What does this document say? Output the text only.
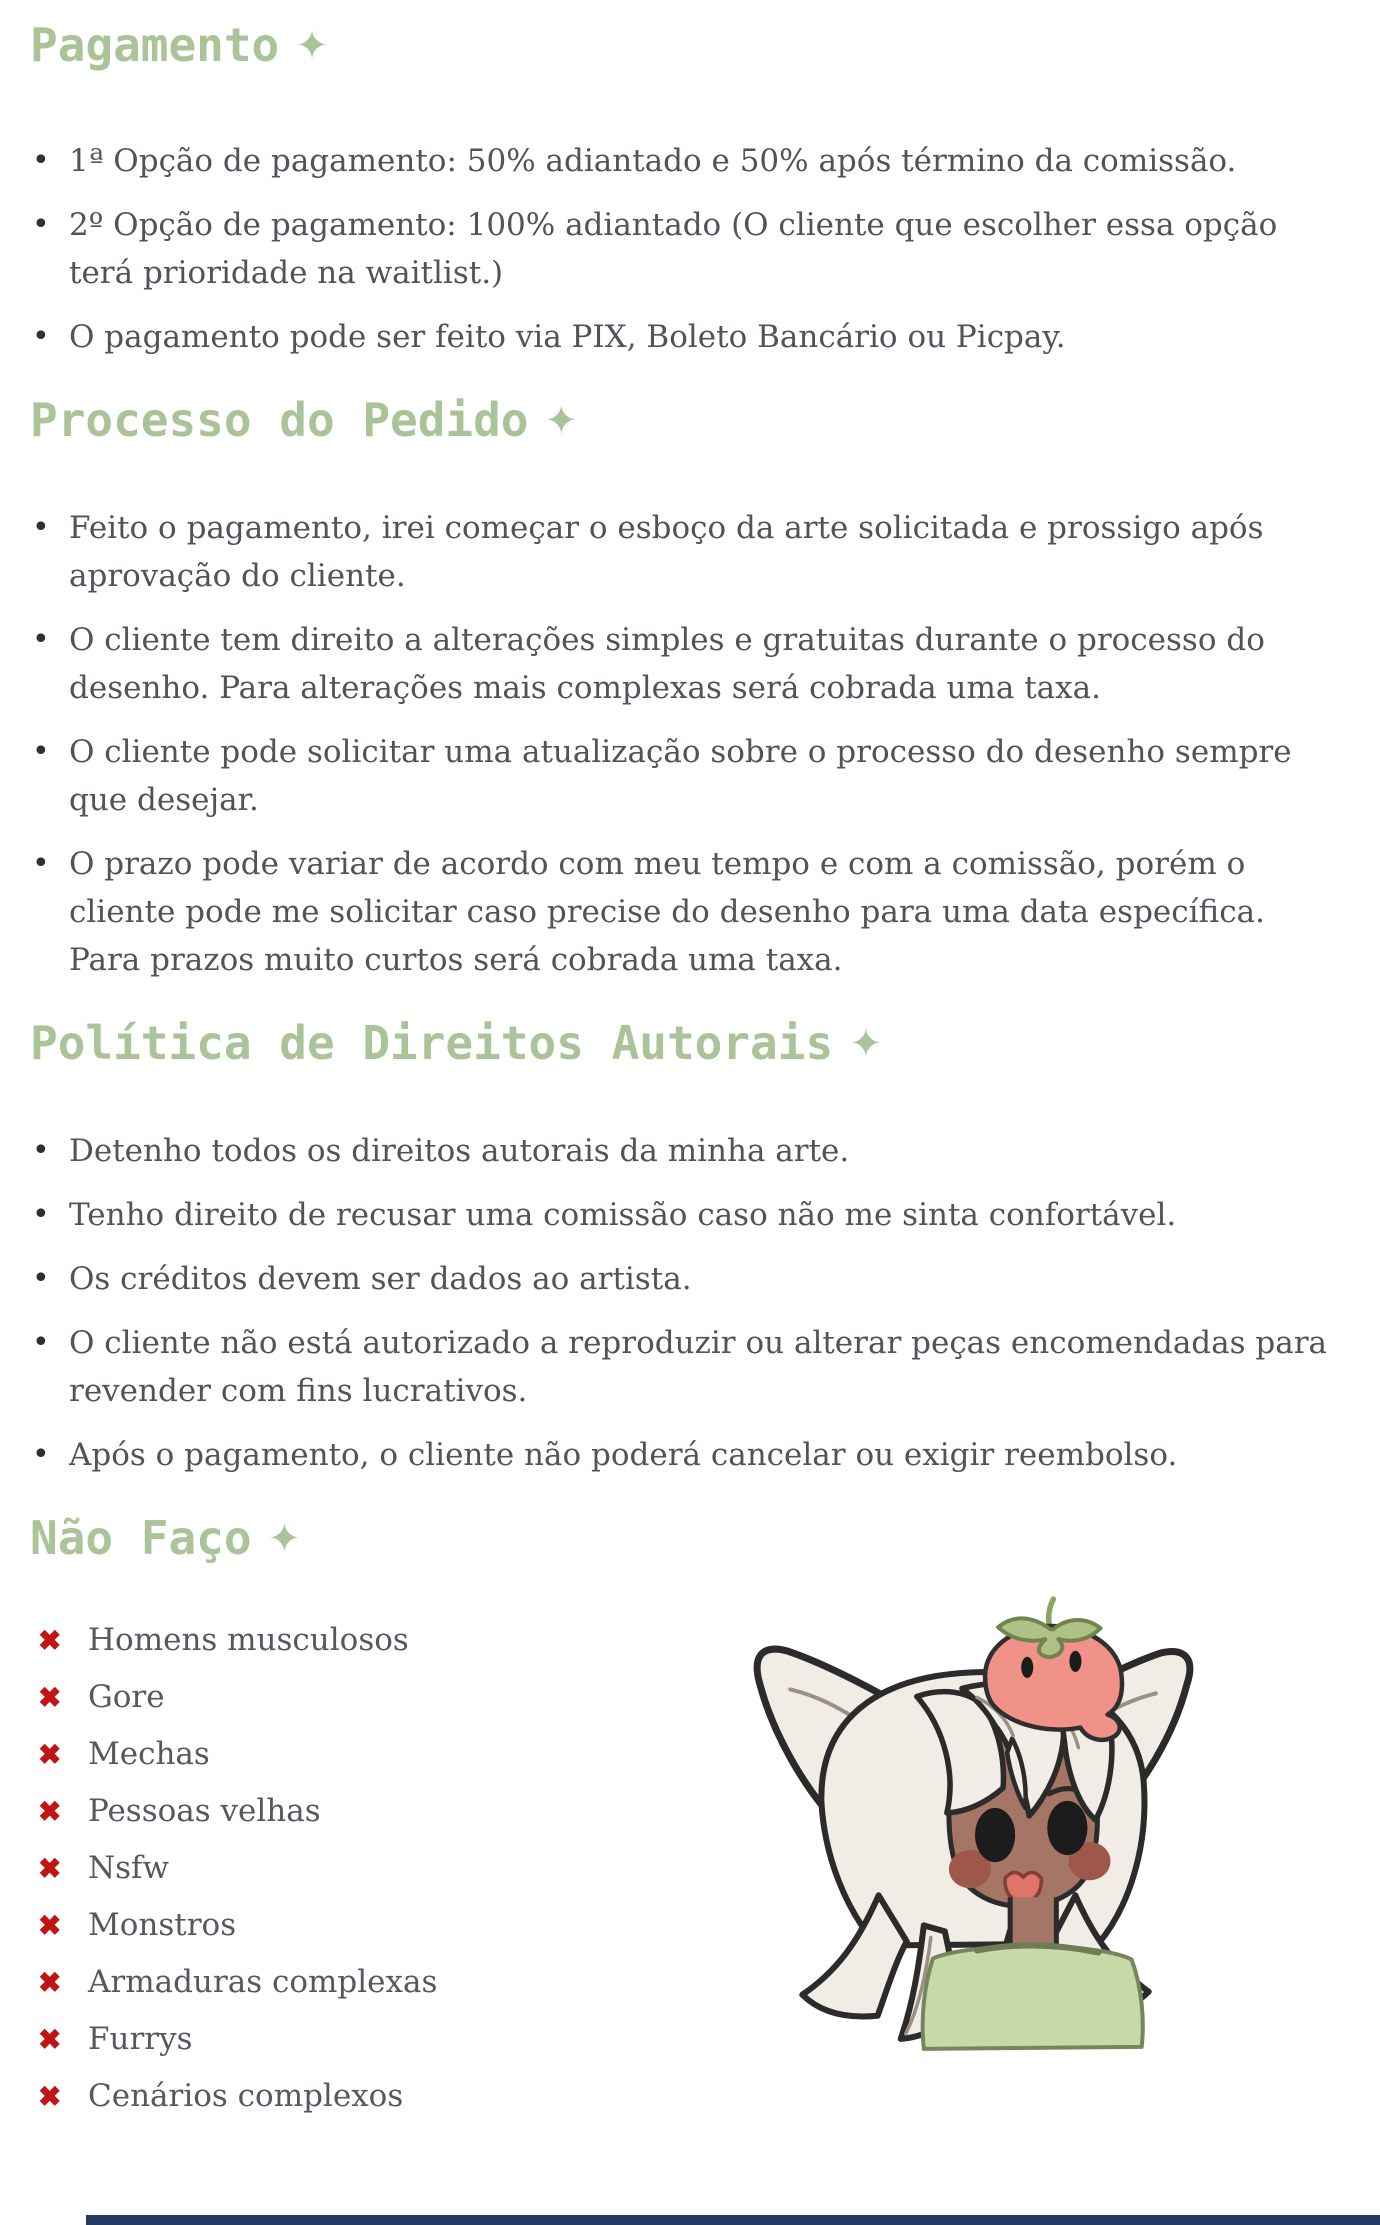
Pagamento ✦
• 1ª Opção de pagamento: 50% adiantado e 50% após término da comissão.
• 2º Opção de pagamento: 100% adiantado (O cliente que escolher essa opção terá prioridade na waitlist.)
• O pagamento pode ser feito via PIX, Boleto Bancário ou Picpay.
Processo do Pedido ✦
• Feito o pagamento, irei começar o esboço da arte solicitada e prossigo após aprovação do cliente.
• O cliente tem direito a alterações simples e gratuitas durante o processo do desenho. Para alterações mais complexas será cobrada uma taxa.
• O cliente pode solicitar uma atualização sobre o processo do desenho sempre que desejar.
• O prazo pode variar de acordo com meu tempo e com a comissão, porém o cliente pode me solicitar caso precise do desenho para uma data específica. Para prazos muito curtos será cobrada uma taxa.
Política de Direitos Autorais ✦
• Detenho todos os direitos autorais da minha arte.
• Tenho direito de recusar uma comissão caso não me sinta confortável.
• Os créditos devem ser dados ao artista.
• O cliente não está autorizado a reproduzir ou alterar peças encomendadas para revender com fins lucrativos.
• Após o pagamento, o cliente não poderá cancelar ou exigir reembolso.
Não Faço ✦
✖ Homens musculosos
✖ Gore
✖ Mechas
✖ Pessoas velhas
✖ Nsfw
✖ Monstros
✖ Armaduras complexas
✖ Furrys
✖ Cenários complexos
